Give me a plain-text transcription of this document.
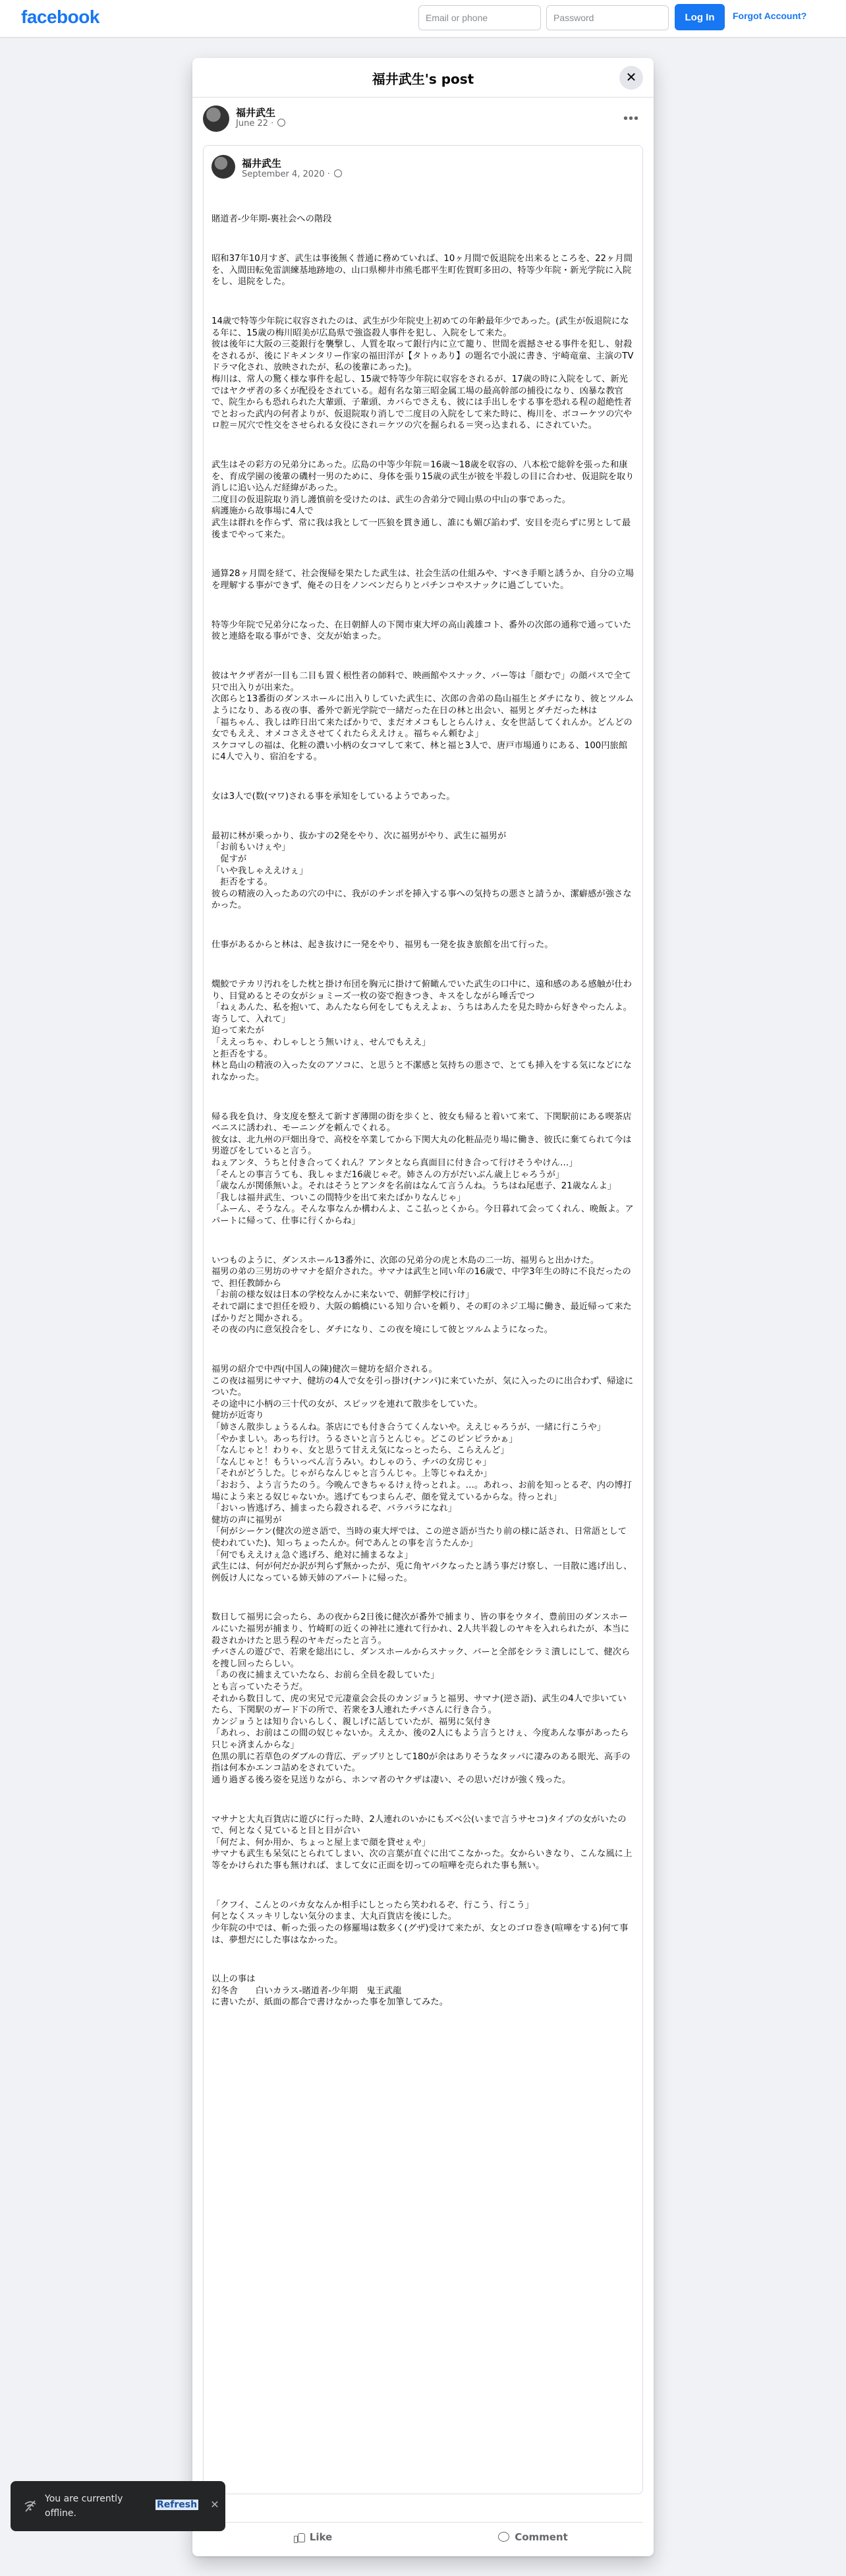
facebook
Email or phone	Log In	Forgot Account?
福井武生's post	✕
福井武生
June 22 ·	•••
福井武生
September 4, 2020 ·

賭道者-少年期-裏社会への階段

昭和37年10月すぎ、武生は事後無く普通に務めていれば、10ヶ月間で仮退院を出来るところを、22ヶ月間を、入間田転免雷訓練基地跡地の、山口県柳井市熊毛郡平生町佐賀町多田の、特等少年院・新光学院に入院をし、退院をした。

14歳で特等少年院に収容されたのは、武生が少年院史上初めての年齢最年少であった。(武生が仮退院になる年に、15歳の梅川昭美が広島県で強盗殺人事件を犯し、入院をして来た。
彼は後年に大阪の三菱銀行を襲撃し、人質を取って銀行内に立て籠り、世間を震撼させる事件を犯し、射殺をされるが、後にドキメンタリー作家の福田洋が【タトゥあり】の題名で小説に書き、宇崎竜童、主演のTVドラマ化され、放映されたが、私の後輩にあった)。
梅川は、常人の驚く様な事件を起し、15歳で特等少年院に収容をされるが、17歳の時に入院をして、新光ではヤクザ者の多くが配役をされている。超有名な第三昭金属工場の最高幹部の捕役になり、凶暴な教官で、院生からも恐れられた大輩頭、子輩頭、カバらでさえも、彼には手出しをする事を恐れる程の超絶性者でとおった武内の何者よりが、仮退院取り消しで二度目の入院をして来た時に、梅川を、ボコーケツの穴やロ腔＝尻穴で性交をさせられる女役にされ＝ケツの穴を掘られる＝突っ込まれる、にされていた。

武生はその彩方の兄弟分にあった。広島の中等少年院＝16歳〜18歳を収容の、八本松で総幹を張った和康を、育成学園の後輩の磯村一男のために、身体を張り15歳の武生が彼を半殺しの目に合わせ、仮退院を取り消しに追い込んだ経緯があった。
二度目の仮退院取り消し護慎前を受けたのは、武生の舎弟分で岡山県の中山の事であった。
病護施から故事場に4人で
武生は群れを作らず、常に我は我として一匹狼を貫き通し、誰にも媚び諂わず、安目を売らずに男として最後までやって来た。

通算28ヶ月間を経て、社会復帰を果たした武生は、社会生活の仕組みや、すべき手順と誘うか、自分の立場を理解する事ができず、俺その日をノンベンだらりとパチンコやスナックに過ごしていた。

特等少年院で兄弟分になった、在日朝鮮人の下関市東大坪の高山義雄コト、番外の次郎の通称で通っていた彼と連絡を取る事ができ、交友が始まった。

彼はヤクザ者が一目も二目も置く根性者の師料で、映画館やスナック、バー等は「顔むで」の顔パスで全て只で出入りが出来た。
次郎らと13番街のダンスホールに出入りしていた武生に、次郎の舎弟の島山福生とダチになり、彼とツルムようになり、ある夜の事、番外で新光学院で一緒だった在日の林と出会い、福男とダチだった林は
「福ちゃん、我しは昨日出て来たばかりで、まだオメコもしとらんけぇ、女を世話してくれんか。どんどの女でもええ、オメコさえさせてくれたらええけぇ。福ちゃん頼むよ」
スケコマしの福は、化粧の濃い小柄の女コマして来て、林と福と3人で、唐戸市場通りにある、100円旅館に4人で入り、宿泊をする。

女は3人で(数(マワ)される事を承知をしているようであった。

最初に林が乗っかり、抜かすの2発をやり、次に福男がやり、武生に福男が
「お前もいけぇや」
　促すが
「いや我しゃええけぇ」
　拒否をする。
彼らの精液の入ったあの穴の中に、我がのチンポを挿入する事への気持ちの悪さと請うか、潔癖感が強さなかった。

仕事があるからと林は、起き抜けに一発をやり、福男も一発を抜き旅館を出て行った。

燗鮫でテカリ汚れをした枕と掛け布団を胸元に掛けて俯瞰んでいた武生の口中に、遠和感のある感触が仕わり、目覚めるとその女がショミーズ一枚の姿で抱きつき、キスをしながら唾舌でつ
「ねぇあんた、私を抱いて、あんたなら何をしてもええよぉ、うちはあんたを見た時から好きやったんよ。寄うして、入れて」
迫って来たが
「ええっちゃ、わしゃしとう無いけぇ、せんでもええ」
と拒否をする。
林と島山の精液の入った女のアソコに、と思うと不潔感と気持ちの悪さで、とても挿入をする気になどになれなかった。

帰る我を負け、身支度を整えて新すぎ薄開の街を歩くと、彼女も帰ると着いて来て、下関駅前にある喫茶店　ベニスに誘われ、モーニングを頼んでくれる。
彼女は、北九州の戸畑出身で、高校を卒業してから下関大丸の化粧品売り場に働き、彼氏に棄てられて今は男遊びをしていると言う。
ねぇアンタ、うちと付き合ってくれん？アンタとなら真面目に付き合って行けそうやけん…」
「そんとの事言うても、我しゃまだ16歳じゃぞ。姉さんの方がだいぶん歳上じゃろうが」
「歳なんが関係無いよ。それはそうとアンタを名前はなんて言うんね。うちはね尾恵子、21歳なんよ」
「我しは福井武生、ついこの間特少を出て来たばかりなんじゃ」
「ふーん、そうなん。そんな事なんか構わんよ、ここ払っとくから。今日暮れて会ってくれん、晩飯よ。アパートに帰って、仕事に行くからね」

いつものように、ダンスホール13番外に、次郎の兄弟分の虎と木島の二一坊、福男らと出かけた。
福男の弟の三男坊のサマナを紹介された。サマナは武生と同い年の16歳で、中学3年生の時に不良だったので、担任教師から
「お前の様な奴は日本の学校なんかに来ないで、朝鮮学校に行け」
それで副にまで担任を殴り、大阪の鶴橋にいる知り合いを頼り、その町のネジ工場に働き、最近帰って来たばかりだと聞かされる。
その夜の内に意気投合をし、ダチになり、この夜を境にして彼とツルムようになった。

福男の紹介で中西(中国人の陳)健次＝健坊を紹介される。
この夜は福男にサマナ、健坊の4人で女を引っ掛け(ナンパ)に来ていたが、気に入ったのに出合わず、帰途についた。
その途中に小柄の三十代の女が、スピッツを連れて散歩をしていた。
健坊が近寄り
「姉さん散歩しょうるんね。茶店にでも付き合うてくんないや。ええじゃろうが、一緒に行こうや」
「やかましい。あっち行け。うるさいと言うとんじゃ。どこのピンピラかぁ」
「なんじゃと！わりゃ、女と思うて甘ええ気になっとったら、こらえんど」
「なんじゃと！もういっぺん言うみい。わしゃのう、チバの女房じゃ」
「それがどうした。じゃがらなんじゃと言うんじゃ。上等じゃねえか」
「おおう、よう言うたのう。今晩んできちゃるけぇ待っとれよ。…。あれっ、お前を知っとるぞ、内の博打場によう来とる奴じゃないか。逃げてもつまらんぞ、顔を覚えているからな。待っとれ」
「おいっ皆逃げろ、捕まったら殺されるぞ、バラバラになれ」
健坊の声に福男が
「何がシーケン(健次の逆さ語で、当時の東大坪では、この逆さ語が当たり前の様に話され、日常語として使われていた)、知っちょったんか。何であんとの事を言うたんか」
「何でもええけぇ急ぐ逃げろ、絶対に捕まるなよ」
武生には、何が何だか訳が判らず無かったが、兎に角ヤバクなったと誘う事だけ察し、一目散に逃げ出し、例仮け人になっている姉天姉のアパートに帰った。

数日して福男に会ったら、あの夜から2日後に健次が番外で捕まり、皆の事をウタイ、豊前田のダンスホールにいた福男が捕まり、竹崎町の近くの神社に連れて行かれ、2人共半殺しのヤキを入れられたが、本当に殺されかけたと思う程のヤキだったと言う。
チバさんの遊びで、若衆を総出にし、ダンスホールからスナック、バーと全部をシラミ潰しにして、健次らを捜し回ったらしい。
「あの夜に捕まえていたなら、お前ら全員を殺していた」
とも言っていたそうだ。
それから数日して、虎の実兄で元凄童会会長のカンジョうと福男、サマナ(逆さ語)、武生の4人で歩いていたら、下関駅のガード下の所で、若衆を3人連れたチバさんに行き合う。
カンジョうとは知り合いらしく、親しげに話していたが、福男に気付き
「あれっ、お前はこの間の奴じゃないか。ええか、後の2人にもよう言うとけぇ、今度あんな事があったら只じゃ済まんからな」
色黒の肌に若草色のダブルの背広、デップリとして180が余はありそうなタッパに凄みのある眼光、高手の指は何本かエンコ詰めをされていた。
通り過ぎる後ろ姿を見送りながら、ホンマ者のヤクザは凄い、その思いだけが強く残った。

マサナと大丸百貨店に遊びに行った時、2人連れのいかにもズベ公(いまで言うサセコ)タイプの女がいたので、何となく見ていると目と目が合い
「何だよ、何か用か、ちょっと屋上まで顔を貸せぇや」
サマナも武生も呆気にとられてしまい、次の言葉が直ぐに出てこなかった。女からいきなり、こんな風に上等をかけられた事も無ければ、まして女に正面を切っての喧嘩を売られた事も無い。

「クフイ、こんとのバカ女なんか相手にしとったら笑われるぞ、行こう、行こう」
何となくスッキリしない気分のまま、大丸百貨店を後にした。
少年院の中では、斬った張ったの修羅場は数多く(グザ)受けて来たが、女とのゴロ巻き(喧嘩をする)何て事は、夢想だにした事はなかった。

以上の事は
幻冬舎　　白いカラス-賭道者-少年期　鬼王武龍
に書いたが、紙面の都合で書けなかった事を加筆してみた。

Like	Comment
You are currently offline.
Refresh ✕
